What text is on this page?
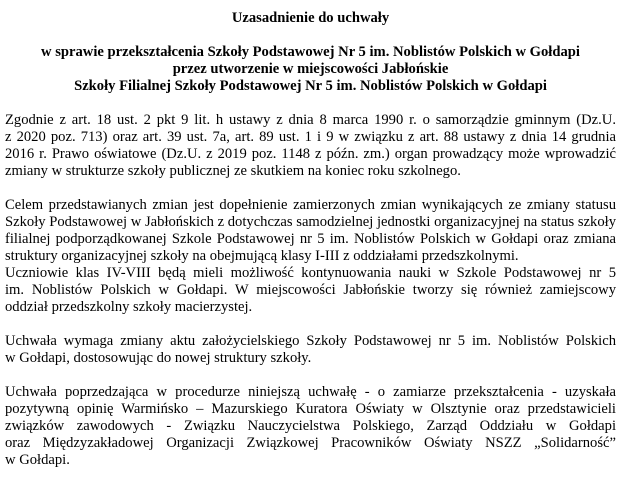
Uzasadnienie do uchwały
w sprawie przekształcenia Szkoły Podstawowej Nr 5 im. Noblistów Polskich w Gołdapi
przez utworzenie w miejscowości Jabłońskie
Szkoły Filialnej Szkoły Podstawowej Nr 5 im. Noblistów Polskich w Gołdapi
Zgodnie z art. 18 ust. 2 pkt 9 lit. h ustawy z dnia 8 marca 1990 r. o samorządzie gminnym (Dz.U.
z 2020 poz. 713) oraz art. 39 ust. 7a, art. 89 ust. 1 i 9 w związku z art. 88 ustawy z dnia 14 grudnia
2016 r. Prawo oświatowe (Dz.U. z 2019 poz. 1148 z późn. zm.) organ prowadzący może wprowadzić
zmiany w strukturze szkoły publicznej ze skutkiem na koniec roku szkolnego.
Celem przedstawianych zmian jest dopełnienie zamierzonych zmian wynikających ze zmiany statusu
Szkoły Podstawowej w Jabłońskich z dotychczas samodzielnej jednostki organizacyjnej na status szkoły
filialnej podporządkowanej Szkole Podstawowej nr 5 im. Noblistów Polskich w Gołdapi oraz zmiana
struktury organizacyjnej szkoły na obejmującą klasy I-III z oddziałami przedszkolnymi.
Uczniowie klas IV-VIII będą mieli możliwość kontynuowania nauki w Szkole Podstawowej nr 5
im. Noblistów Polskich w Gołdapi. W miejscowości Jabłońskie tworzy się również zamiejscowy
oddział przedszkolny szkoły macierzystej.
Uchwała wymaga zmiany aktu założycielskiego Szkoły Podstawowej nr 5 im. Noblistów Polskich
w Gołdapi, dostosowując do nowej struktury szkoły.
Uchwała poprzedzająca w procedurze niniejszą uchwałę - o zamiarze przekształcenia - uzyskała
pozytywną opinię Warmińsko – Mazurskiego Kuratora Oświaty w Olsztynie oraz przedstawicieli
związków zawodowych - Związku Nauczycielstwa Polskiego, Zarząd Oddziału w Gołdapi
oraz Międzyzakładowej Organizacji Związkowej Pracowników Oświaty NSZZ „Solidarność”
w Gołdapi.
